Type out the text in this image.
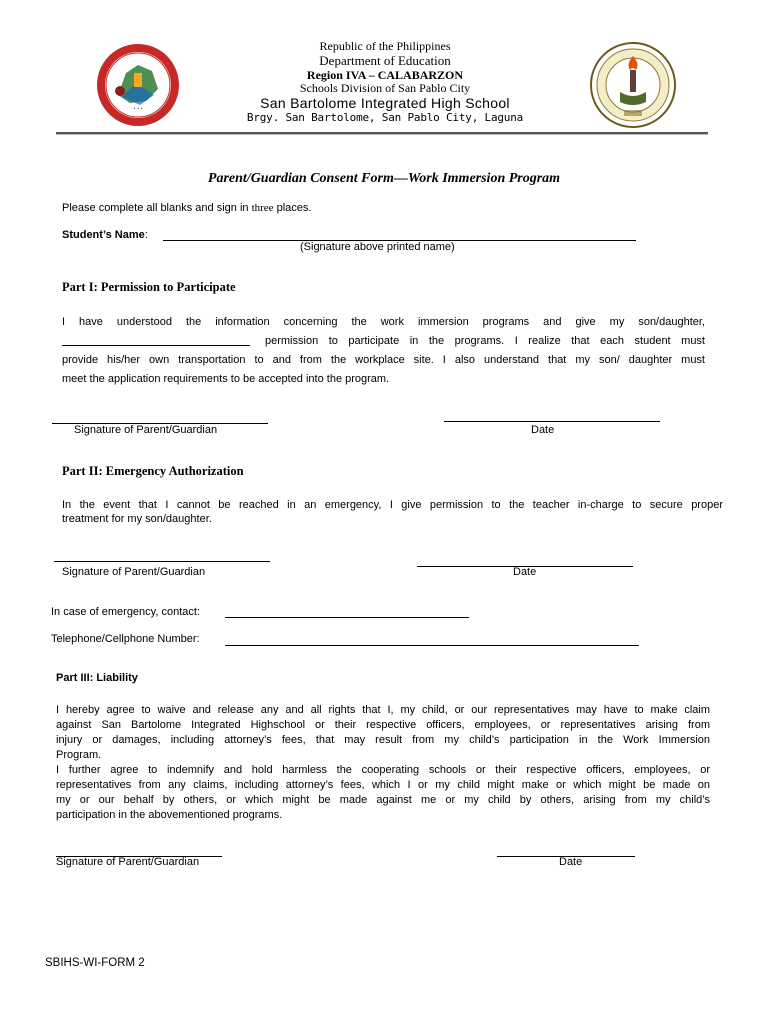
• • •
Republic of the Philippines
Department of Education
Region IVA – CALABARZON
Schools Division of San Pablo City
San Bartolome Integrated High School
Brgy. San Bartolome, San Pablo City, Laguna
Parent/Guardian Consent Form—Work Immersion Program
Please complete all blanks and sign in three places.
Student’s Name:
(Signature above printed name)
Part I: Permission to Participate
I have understood the information concerning the work immersion programs and give my son/daughter,
permission to participate in the programs. I realize that each student must
provide his/her own transportation to and from the workplace site. I also understand that my son/ daughter must
meet the application requirements to be accepted into the program.
Signature of Parent/Guardian	Date
Part II: Emergency Authorization
In the event that I cannot be reached in an emergency, I give permission to the teacher in-charge to secure proper
treatment for my son/daughter.
Signature of Parent/Guardian	Date
In case of emergency, contact:
Telephone/Cellphone Number:
Part III: Liability
I hereby agree to waive and release any and all rights that I, my child, or our representatives may have to make claim
against San Bartolome Integrated Highschool or their respective officers, employees, or representatives arising from
injury or damages, including attorney’s fees, that may result from my child’s participation in the Work Immersion
Program.
I further agree to indemnify and hold harmless the cooperating schools or their respective officers, employees, or
representatives from any claims, including attorney’s fees, which I or my child might make or which might be made on
my or our behalf by others, or which might be made against me or my child by others, arising from my child’s
participation in the abovementioned programs.
Signature of Parent/Guardian	Date
SBIHS-WI-FORM 2
